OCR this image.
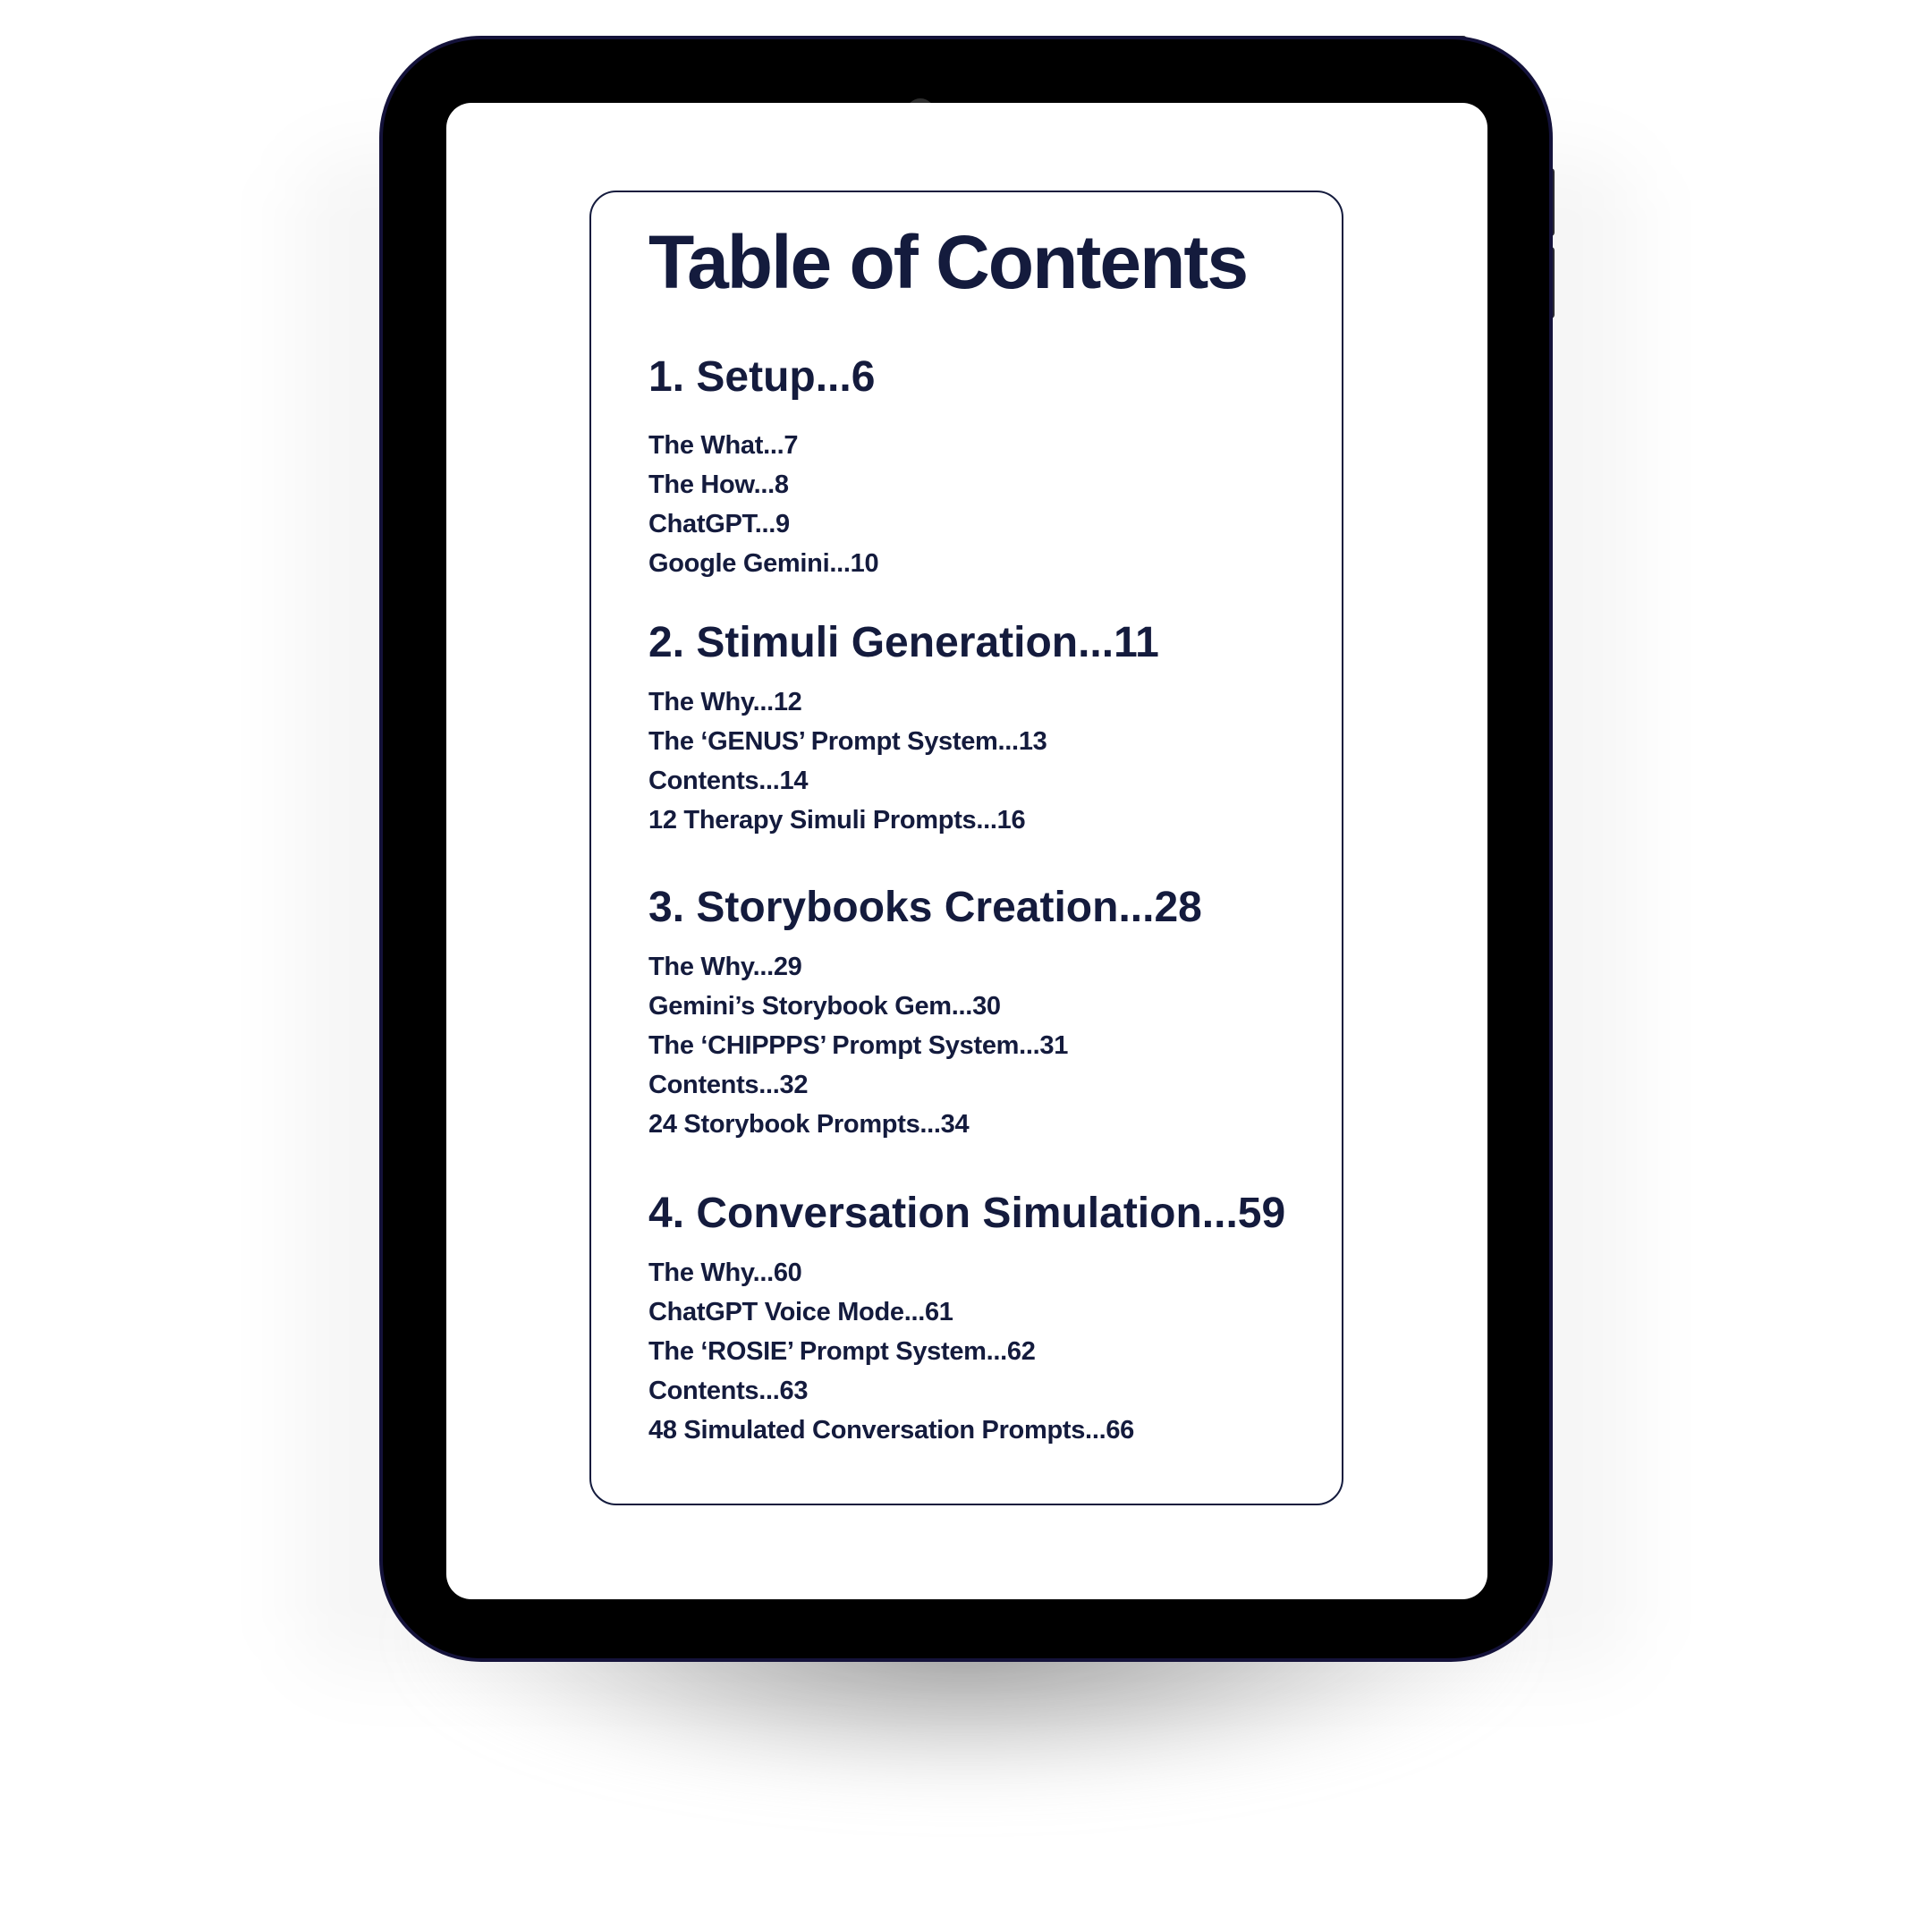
Table of Contents
1. Setup...6
The What...7
The How...8
ChatGPT...9
Google Gemini...10
2. Stimuli Generation...11
The Why...12
The ‘GENUS’ Prompt System...13
Contents...14
12 Therapy Simuli Prompts...16
3. Storybooks Creation...28
The Why...29
Gemini’s Storybook Gem...30
The ‘CHIPPPS’ Prompt System...31
Contents...32
24 Storybook Prompts...34
4. Conversation Simulation...59
The Why...60
ChatGPT Voice Mode...61
The ‘ROSIE’ Prompt System...62
Contents...63
48 Simulated Conversation Prompts...66
